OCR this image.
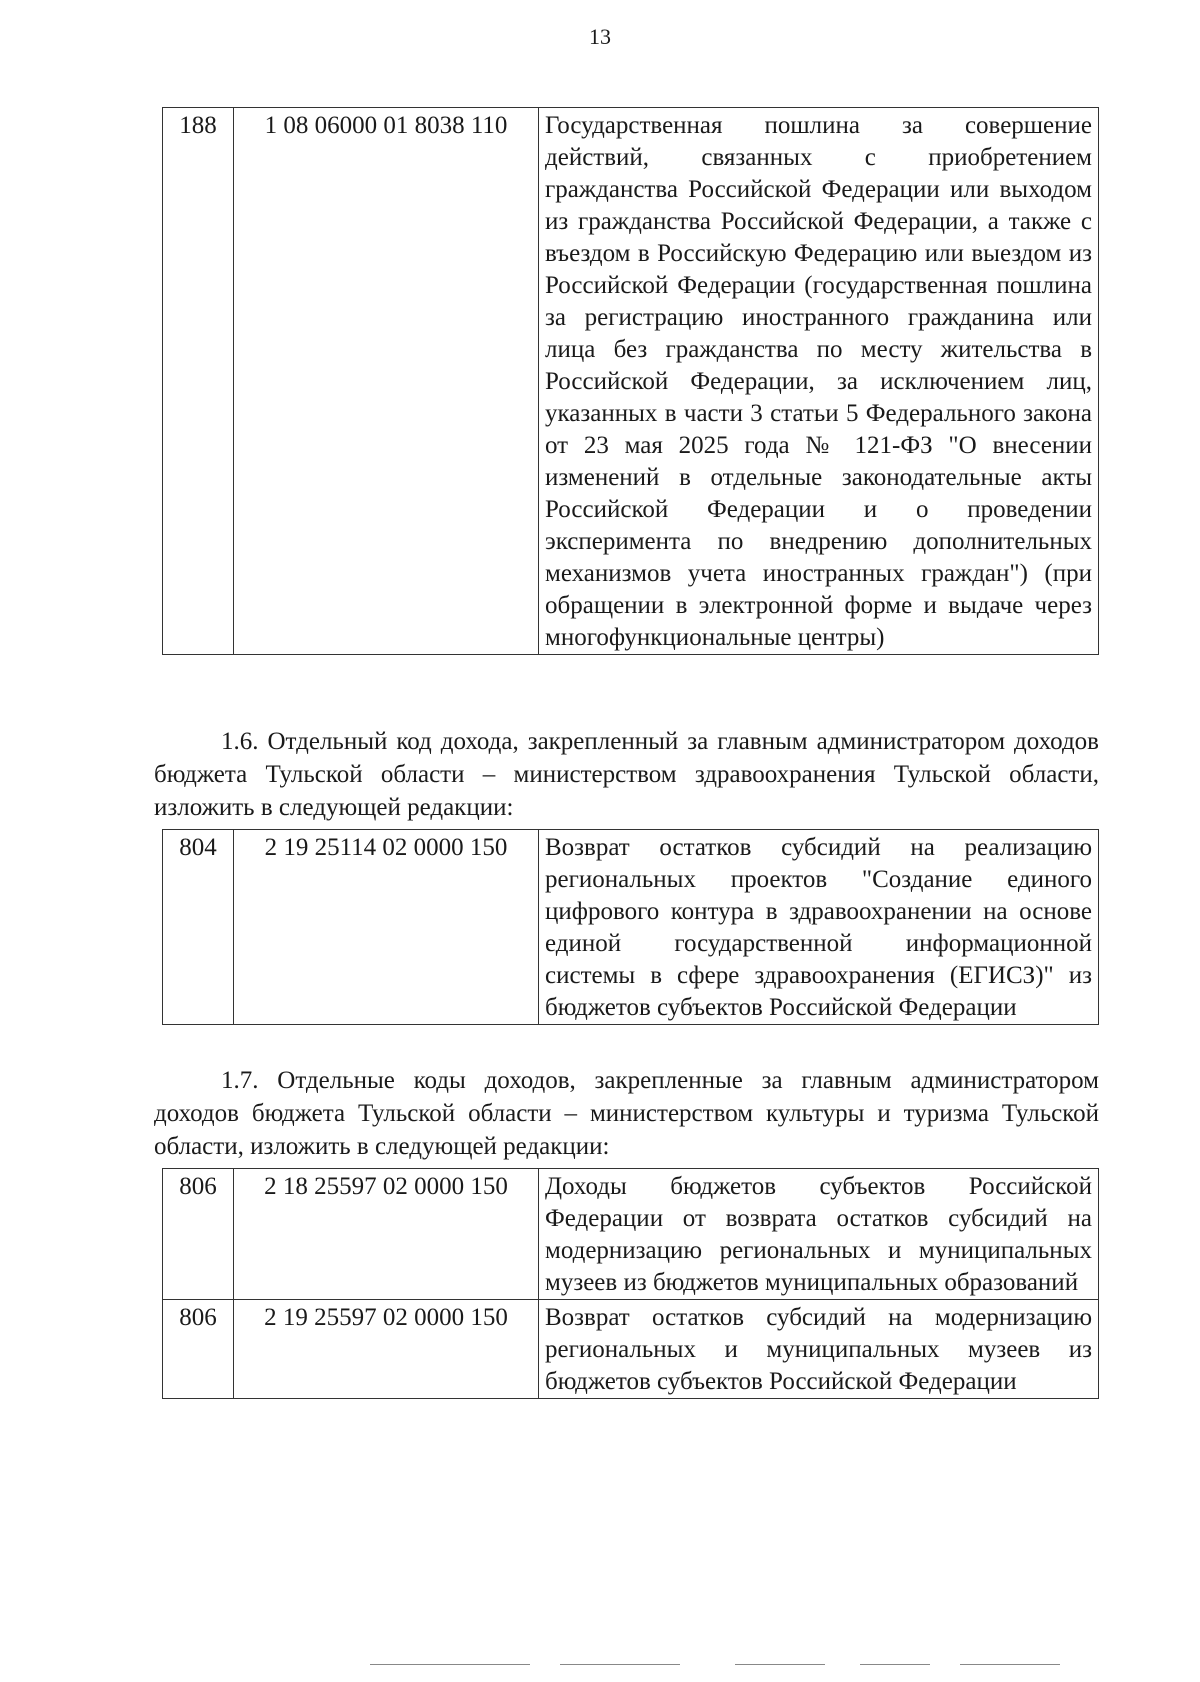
13
188	1 08 06000 01 8038 110	Государственная пошлина за совершение действий, связанных с приобретением гражданства Российской Федерации или выходом из гражданства Российской Федерации, а также с въездом в Российскую Федерацию или выездом из Российской Федерации (государственная пошлина за регистрацию иностранного гражданина или лица без гражданства по месту жительства в Российской Федерации, за исключением лиц, указанных в части 3 статьи 5 Федерального закона от 23 мая 2025 года № 121-ФЗ "О внесении изменений в отдельные законодательные акты Российской Федерации и о проведении эксперимента по внедрению дополнительных механизмов учета иностранных граждан") (при обращении в электронной форме и выдаче через многофункциональные центры)

1.6. Отдельный код дохода, закрепленный за главным администратором доходов бюджета Тульской области – министерством здравоохранения Тульской области, изложить в следующей редакции:

804	2 19 25114 02 0000 150	Возврат остатков субсидий на реализацию региональных проектов "Создание единого цифрового контура в здравоохранении на основе единой государственной информационной системы в сфере здравоохранения (ЕГИСЗ)" из бюджетов субъектов Российской Федерации

1.7. Отдельные коды доходов, закрепленные за главным администратором доходов бюджета Тульской области – министерством культуры и туризма Тульской области, изложить в следующей редакции:

806	2 18 25597 02 0000 150	Доходы бюджетов субъектов Российской Федерации от возврата остатков субсидий на модернизацию региональных и муниципальных музеев из бюджетов муниципальных образований
806	2 19 25597 02 0000 150	Возврат остатков субсидий на модернизацию региональных и муниципальных музеев из бюджетов субъектов Российской Федерации
